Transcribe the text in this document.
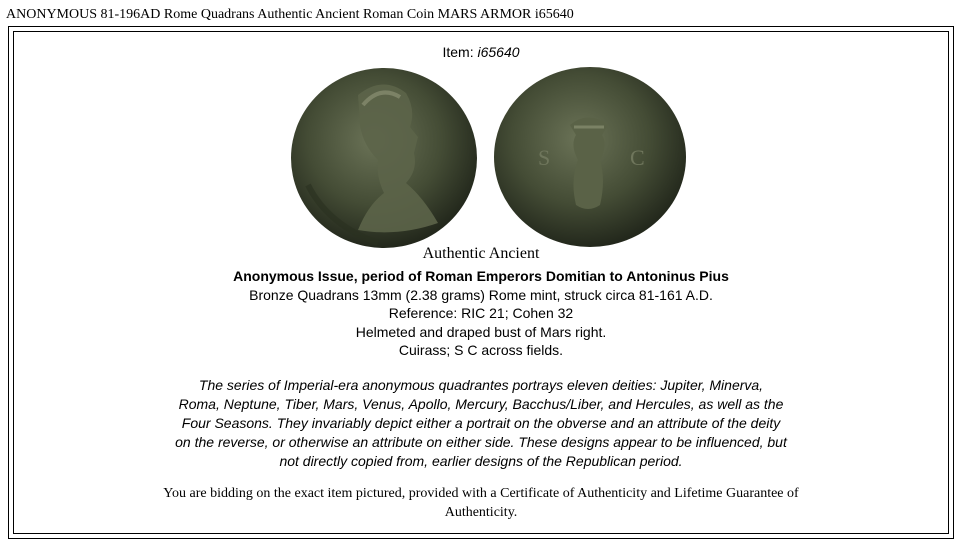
ANONYMOUS 81-196AD Rome Quadrans Authentic Ancient Roman Coin MARS ARMOR i65640
Item: i65640
S	C
Authentic Ancient
Anonymous Issue, period of Roman Emperors Domitian to Antoninus Pius
Bronze Quadrans 13mm (2.38 grams) Rome mint, struck circa 81-161 A.D.
Reference: RIC 21; Cohen 32
Helmeted and draped bust of Mars right.
Cuirass; S C across fields.
The series of Imperial-era anonymous quadrantes portrays eleven deities: Jupiter, Minerva,
Roma, Neptune, Tiber, Mars, Venus, Apollo, Mercury, Bacchus/Liber, and Hercules, as well as the
Four Seasons. They invariably depict either a portrait on the obverse and an attribute of the deity
on the reverse, or otherwise an attribute on either side. These designs appear to be influenced, but
not directly copied from, earlier designs of the Republican period.
You are bidding on the exact item pictured, provided with a Certificate of Authenticity and Lifetime Guarantee of
Authenticity.
